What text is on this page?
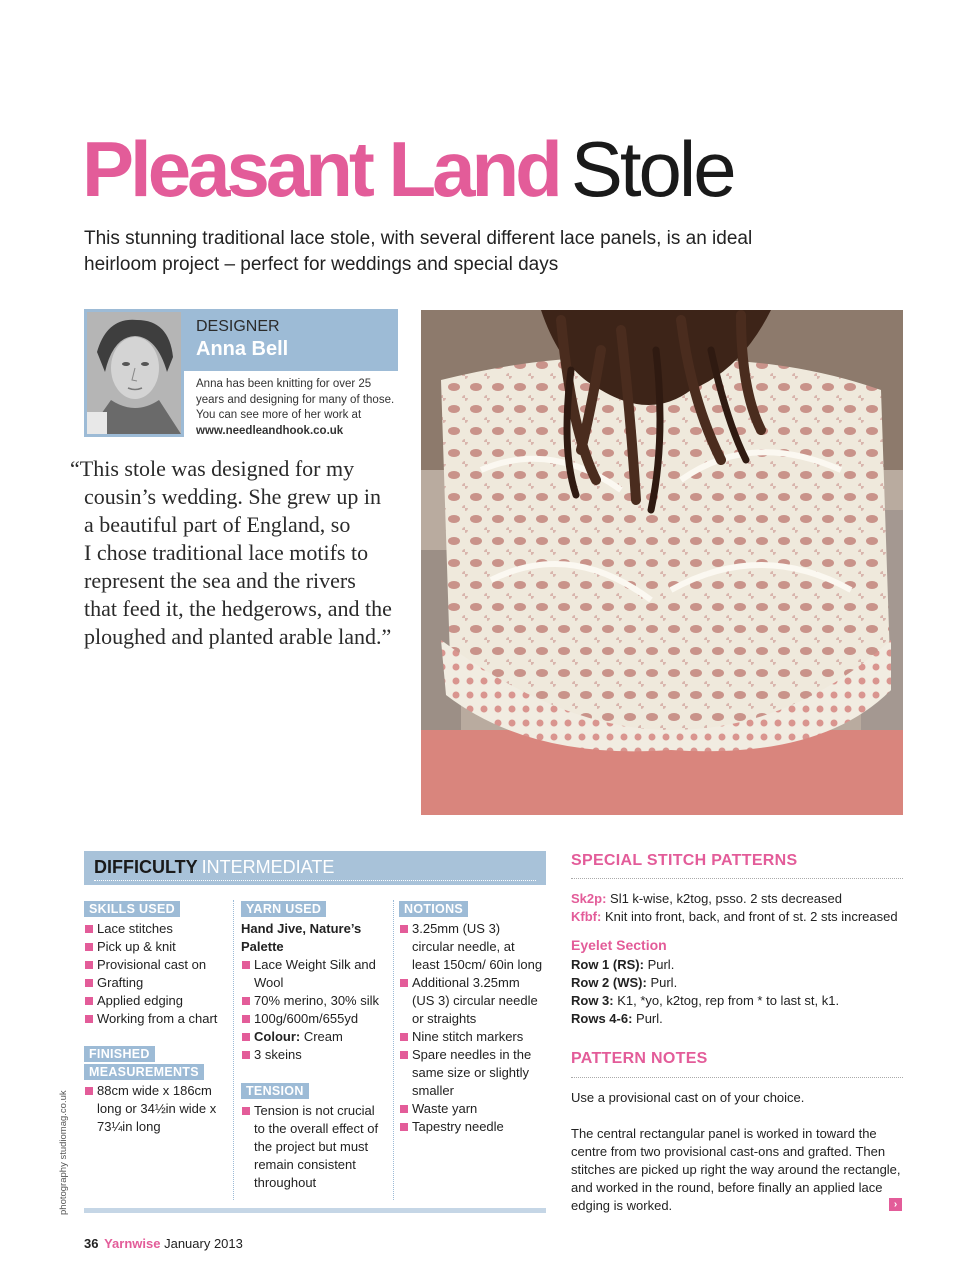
Pleasant Land Stole
This stunning traditional lace stole, with several different lace panels, is an ideal heirloom project – perfect for weddings and special days
DESIGNER
Anna Bell
Anna has been knitting for over 25 years and designing for many of those. You can see more of her work at www.needleandhook.co.uk
“This stole was designed for my
cousin’s wedding. She grew up in
a beautiful part of England, so
I chose traditional lace motifs to
represent the sea and the rivers
that feed it, the hedgerows, and the
ploughed and planted arable land.”
photography studiomag.co.uk
DIFFICULTY INTERMEDIATE
SKILLS USED
Lace stitches
Pick up & knit
Provisional cast on
Grafting
Applied edging
Working from a chart
FINISHED
MEASUREMENTS
88cm wide x 186cm long or 34½in wide x 73¼in long
YARN USED
Hand Jive, Nature’s Palette
Lace Weight Silk and Wool
70% merino, 30% silk
100g/600m/655yd
Colour: Cream
3 skeins
TENSION
Tension is not crucial to the overall effect of the project but must remain consistent throughout
NOTIONS
3.25mm (US 3) circular needle, at least 150cm/ 60in long
Additional 3.25mm (US 3) circular needle or straights
Nine stitch markers
Spare needles in the same size or slightly smaller
Waste yarn
Tapestry needle
SPECIAL STITCH PATTERNS
Sk2p: Sl1 k-wise, k2tog, psso. 2 sts decreased
Kfbf: Knit into front, back, and front of st. 2 sts increased
Eyelet Section
Row 1 (RS): Purl.
Row 2 (WS): Purl.
Row 3: K1, *yo, k2tog, rep from * to last st, k1.
Rows 4-6: Purl.
PATTERN NOTES

Use a provisional cast on of your choice.

The central rectangular panel is worked in toward the centre from two provisional cast-ons and grafted. Then stitches are picked up right the way around the rectangle, and worked in the round, before finally an applied lace edging is worked.	›
36 Yarnwise January 2013
